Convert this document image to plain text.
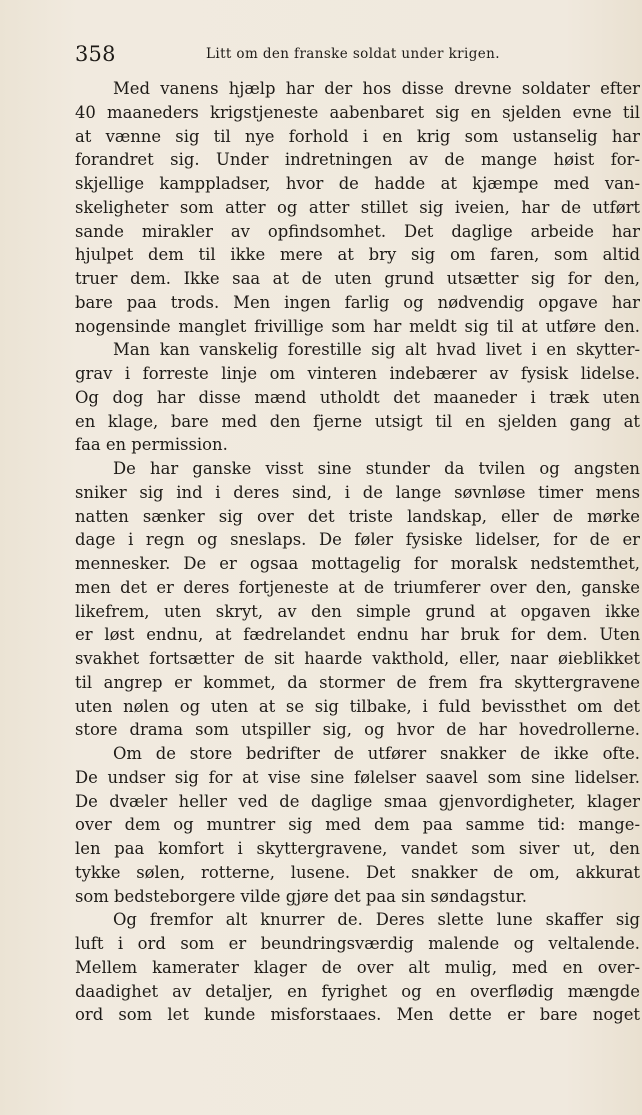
358	Litt om den franske soldat under krigen.
Med vanens hjælp har der hos disse drevne soldater efter
40 maaneders krigstjeneste aabenbaret sig en sjelden evne til
at vænne sig til nye forhold i en krig som ustanselig har
forandret sig. Under indretningen av de mange høist for-
skjellige kamppladser, hvor de hadde at kjæmpe med van-
skeligheter som atter og atter stillet sig iveien, har de utført
sande mirakler av opfindsomhet. Det daglige arbeide har
hjulpet dem til ikke mere at bry sig om faren, som altid
truer dem. Ikke saa at de uten grund utsætter sig for den,
bare paa trods. Men ingen farlig og nødvendig opgave har
nogensinde manglet frivillige som har meldt sig til at utføre den.
Man kan vanskelig forestille sig alt hvad livet i en skytter-
grav i forreste linje om vinteren indebærer av fysisk lidelse.
Og dog har disse mænd utholdt det maaneder i træk uten
en klage, bare med den fjerne utsigt til en sjelden gang at
faa en permission.
De har ganske visst sine stunder da tvilen og angsten
sniker sig ind i deres sind, i de lange søvnløse timer mens
natten sænker sig over det triste landskap, eller de mørke
dage i regn og sneslaps. De føler fysiske lidelser, for de er
mennesker. De er ogsaa mottagelig for moralsk nedstemthet,
men det er deres fortjeneste at de triumferer over den, ganske
likefrem, uten skryt, av den simple grund at opgaven ikke
er løst endnu, at fædrelandet endnu har bruk for dem. Uten
svakhet fortsætter de sit haarde vakthold, eller, naar øieblikket
til angrep er kommet, da stormer de frem fra skyttergravene
uten nølen og uten at se sig tilbake, i fuld bevissthet om det
store drama som utspiller sig, og hvor de har hovedrollerne.
Om de store bedrifter de utfører snakker de ikke ofte.
De undser sig for at vise sine følelser saavel som sine lidelser.
De dvæler heller ved de daglige smaa gjenvordigheter, klager
over dem og muntrer sig med dem paa samme tid: mange-
len paa komfort i skyttergravene, vandet som siver ut, den
tykke sølen, rotterne, lusene. Det snakker de om, akkurat
som bedsteborgere vilde gjøre det paa sin søndagstur.
Og fremfor alt knurrer de. Deres slette lune skaffer sig
luft i ord som er beundringsværdig malende og veltalende.
Mellem kamerater klager de over alt mulig, med en over-
daadighet av detaljer, en fyrighet og en overflødig mængde
ord som let kunde misforstaaes. Men dette er bare noget
